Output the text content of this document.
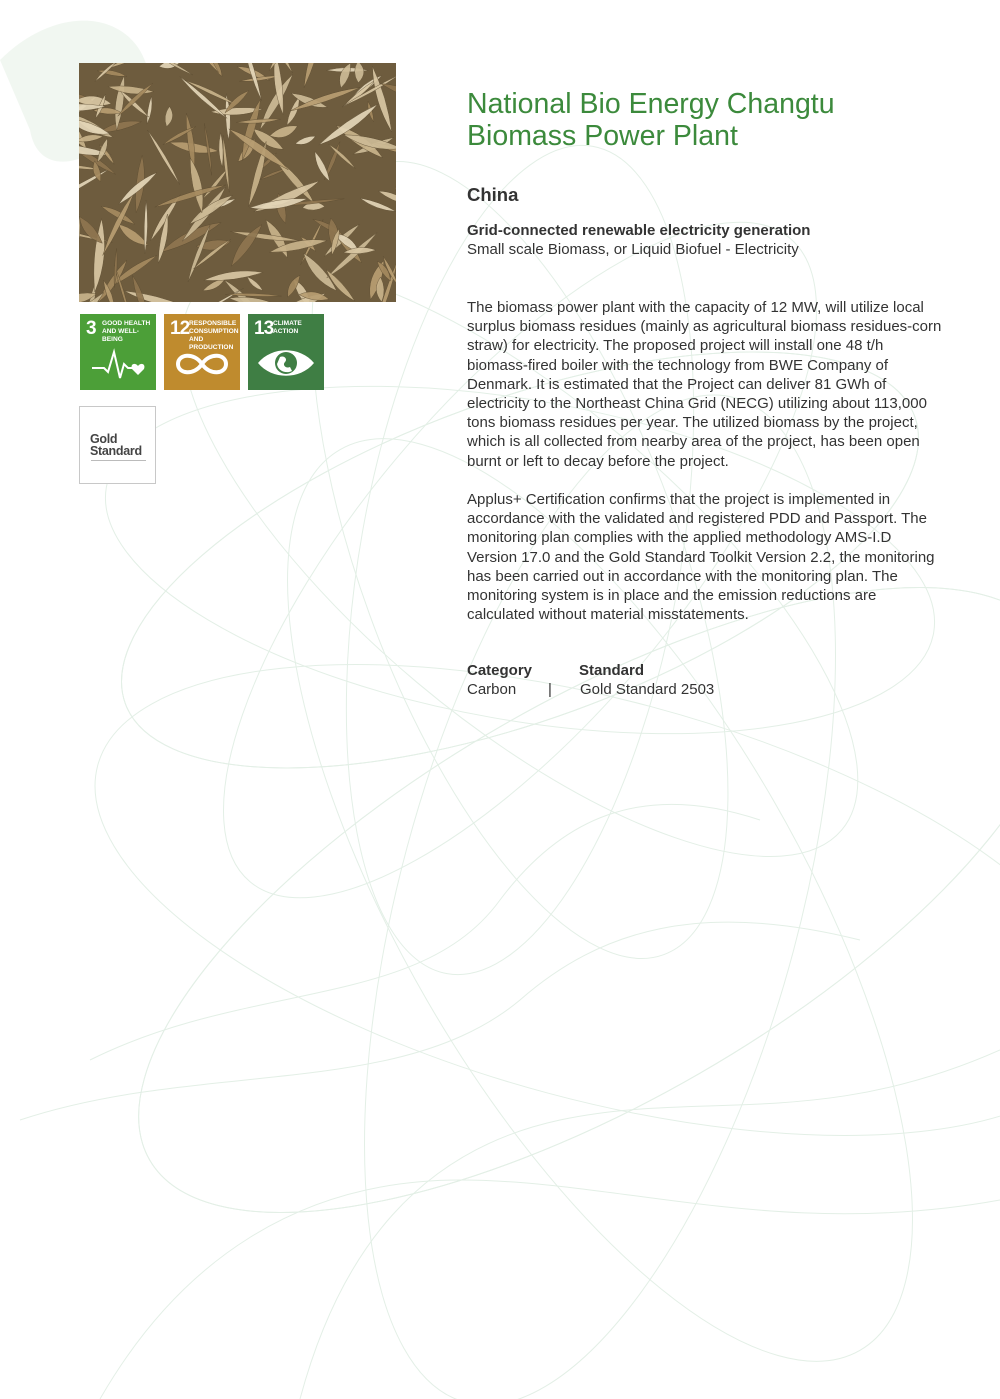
3 GOOD HEALTH
AND WELL-BEING
12 RESPONSIBLE
CONSUMPTION
AND PRODUCTION
13 CLIMATE
ACTION
Gold
Standard
National Bio Energy Changtu
Biomass Power Plant
China
Grid-connected renewable electricity generation
Small scale Biomass, or Liquid Biofuel - Electricity

The biomass power plant with the capacity of 12 MW, will utilize local surplus biomass residues (mainly as agricultural biomass residues-corn straw) for electricity. The proposed project will install one 48 t/h biomass-fired boiler with the technology from BWE Company of Denmark. It is estimated that the Project can deliver 81 GWh of electricity to the Northeast China Grid (NECG) utilizing about 113,000 tons biomass residues per year. The utilized biomass by the project, which is all collected from nearby area of the project, has been open burnt or left to decay before the project.

Applus+ Certification confirms that the project is implemented in accordance with the validated and registered PDD and Passport. The monitoring plan complies with the applied methodology AMS-I.D Version 17.0 and the Gold Standard Toolkit Version 2.2, the monitoring has been carried out in accordance with the monitoring plan. The monitoring system is in place and the emission reductions are calculated without material misstatements.

Category	Standard
Carbon | Gold Standard 2503
